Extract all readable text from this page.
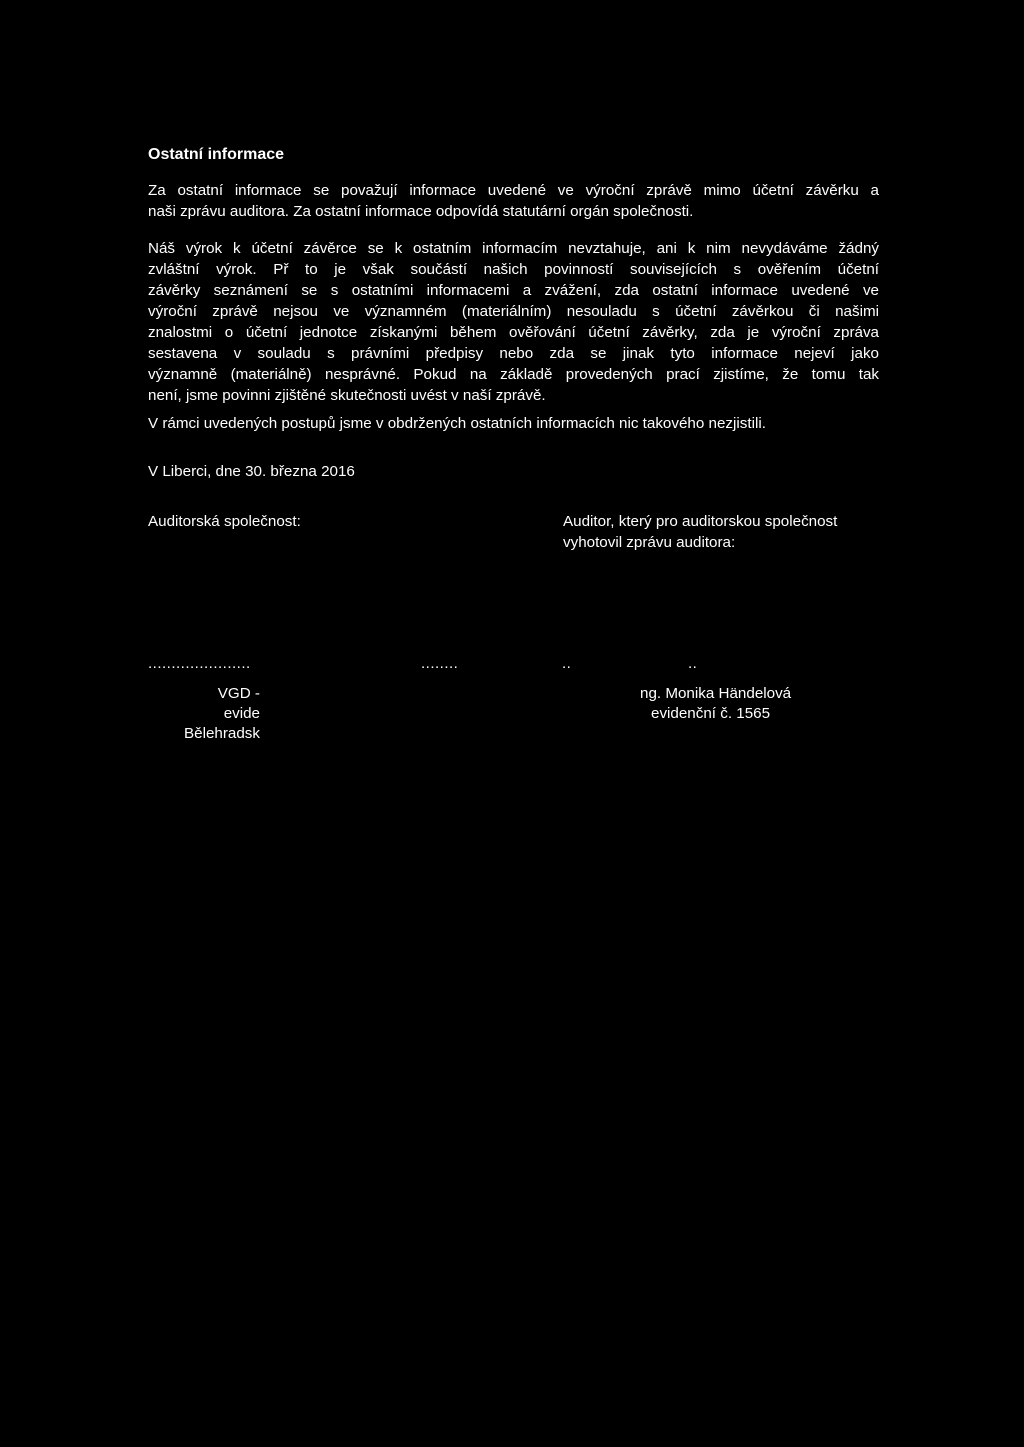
Ostatní informace
Za ostatní informace se považují informace uvedené ve výroční zprávě mimo účetní závěrku a
naši zprávu auditora. Za ostatní informace odpovídá statutární orgán společnosti.
Náš výrok k účetní závěrce se k ostatním informacím nevztahuje, ani k nim nevydáváme žádný
zvláštní výrok. Př to je však součástí našich povinností souvisejících s ověřením účetní
závěrky seznámení se s ostatními informacemi a zvážení, zda ostatní informace uvedené ve
výroční zprávě nejsou ve významném (materiálním) nesouladu s účetní závěrkou či našimi
znalostmi o účetní jednotce získanými během ověřování účetní závěrky, zda je výroční zpráva
sestavena v souladu s právními předpisy nebo zda se jinak tyto informace nejeví jako
významně (materiálně) nesprávné. Pokud na základě provedených prací zjistíme, že tomu tak
není, jsme povinni zjištěné skutečnosti uvést v naší zprávě.
V rámci uvedených postupů jsme v obdržených ostatních informacích nic takového nezjistili.
V Liberci, dne 30. března 2016
Auditorská společnost:	Auditor, který pro auditorskou společnost
vyhotovil zprávu auditora:
......................	........	..	..
VGD -
evide
Bělehradsk
ng. Monika Händelová
evidenční č. 1565
